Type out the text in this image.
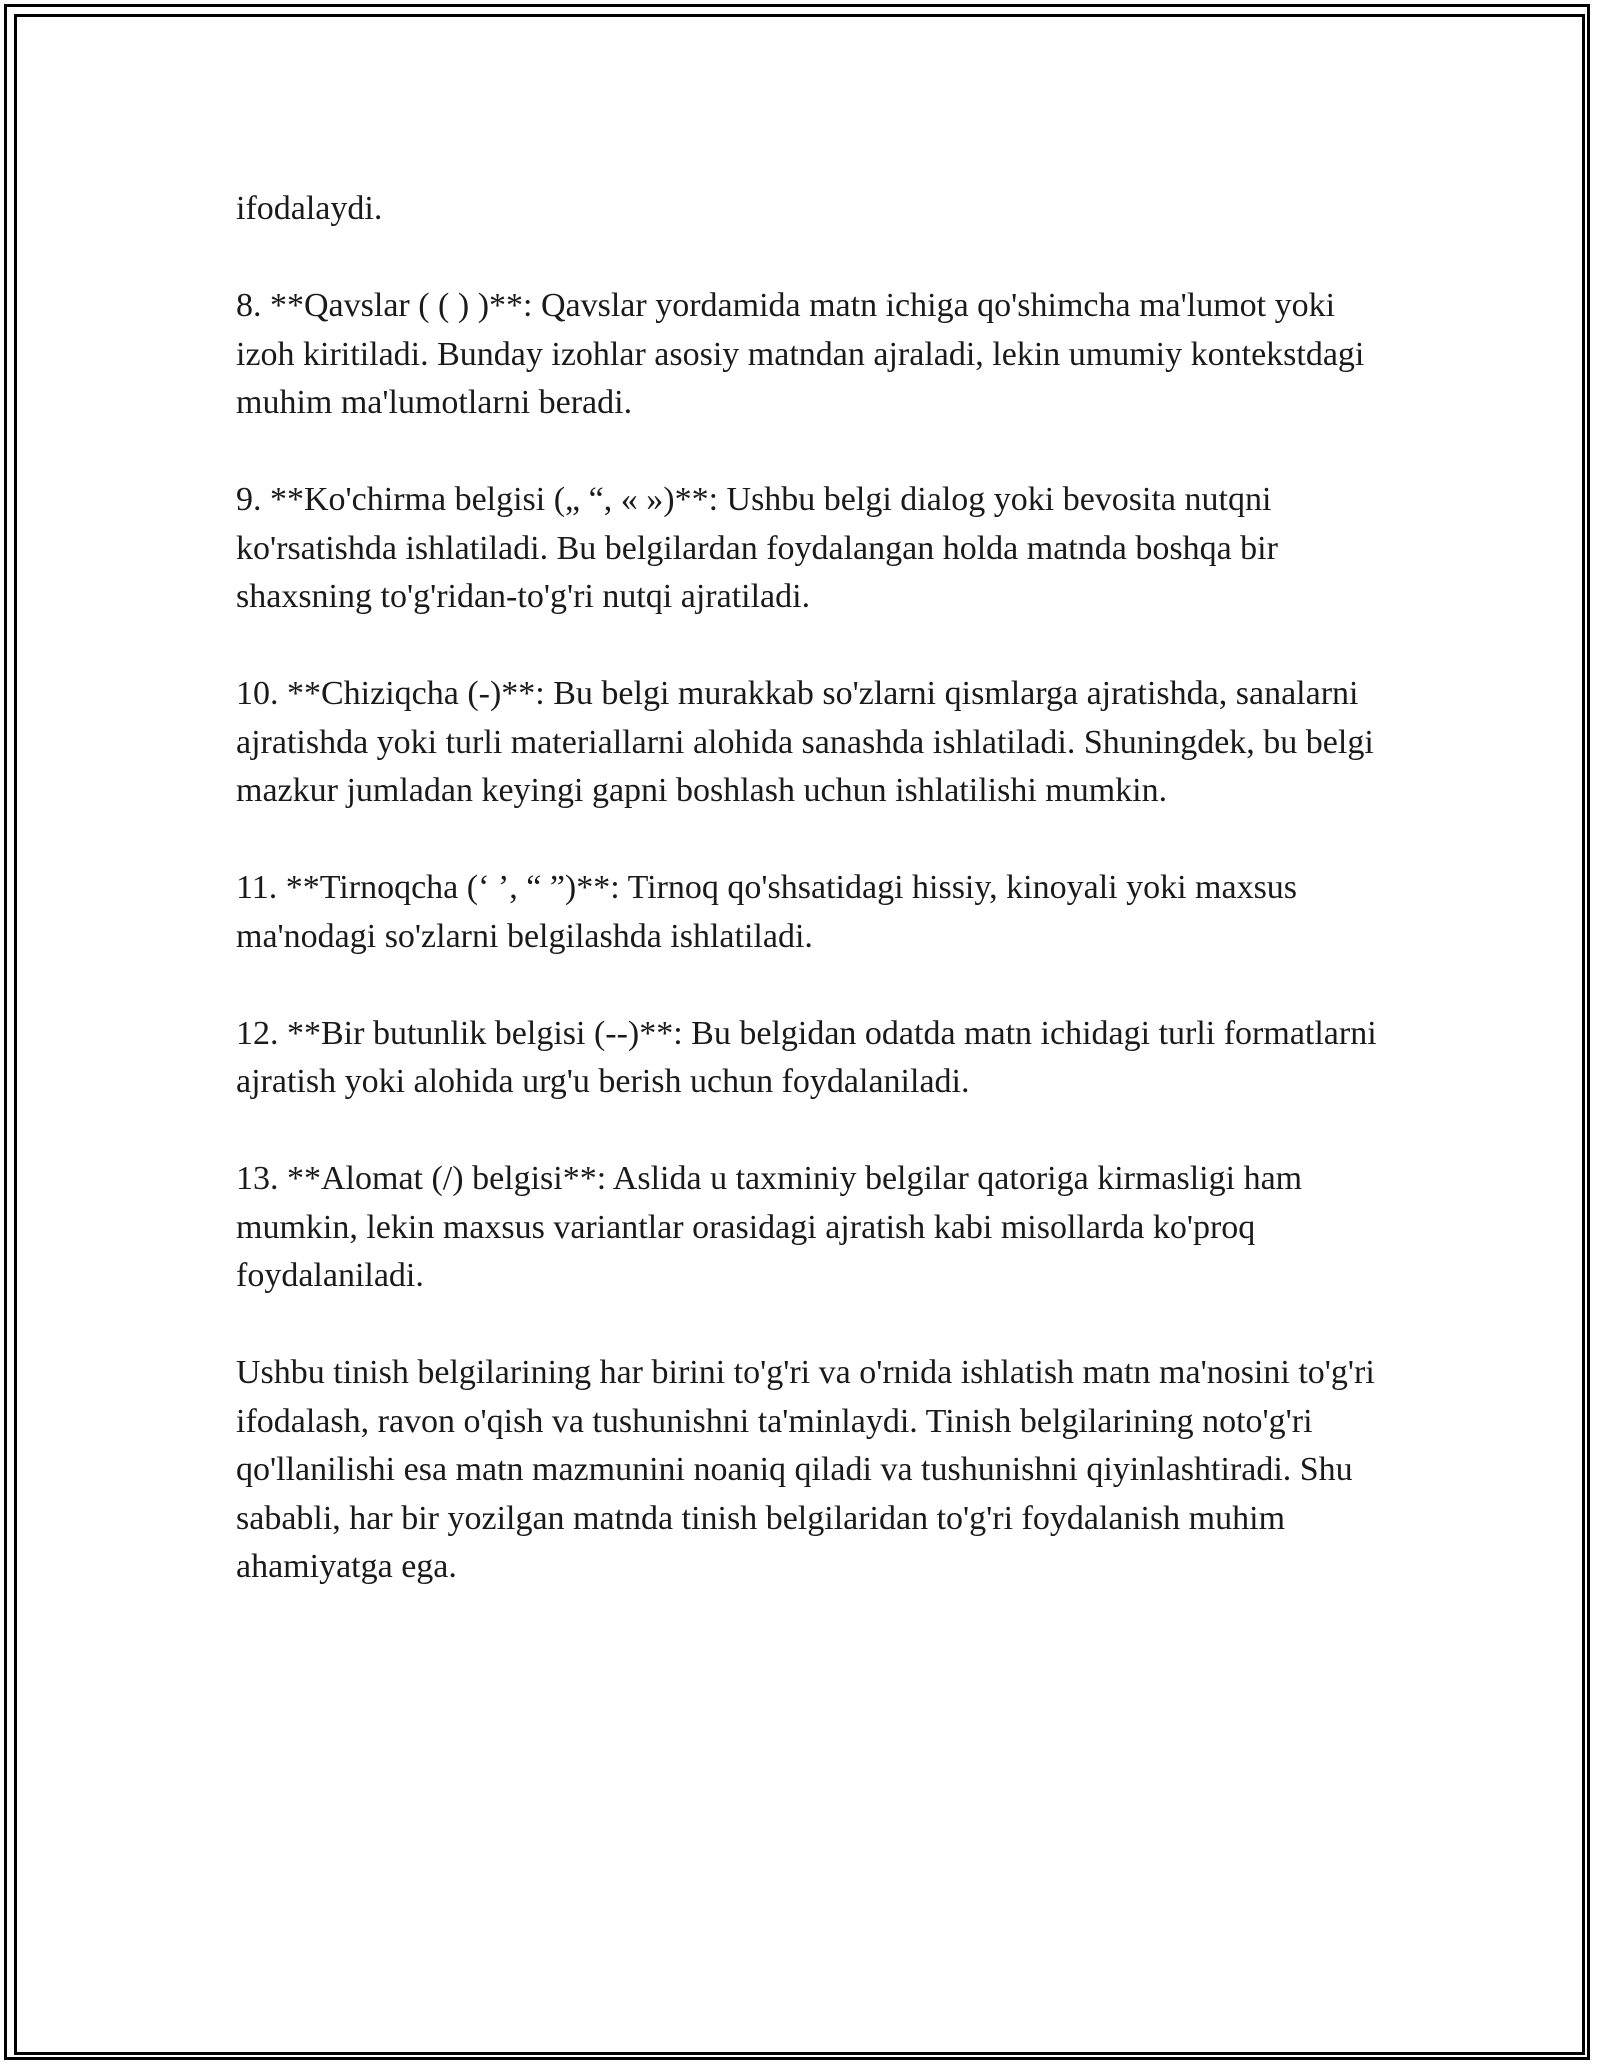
ifodalaydi.

8. **Qavslar ( ( ) )**: Qavslar yordamida matn ichiga qo'shimcha ma'lumot yoki izoh kiritiladi. Bunday izohlar asosiy matndan ajraladi, lekin umumiy kontekstdagi muhim ma'lumotlarni beradi.

9. **Ko'chirma belgisi („ “, « »)**: Ushbu belgi dialog yoki bevosita nutqni ko'rsatishda ishlatiladi. Bu belgilardan foydalangan holda matnda boshqa bir shaxsning to'g'ridan-to'g'ri nutqi ajratiladi.

10. **Chiziqcha (-)**: Bu belgi murakkab so'zlarni qismlarga ajratishda, sanalarni ajratishda yoki turli materiallarni alohida sanashda ishlatiladi. Shuningdek, bu belgi mazkur jumladan keyingi gapni boshlash uchun ishlatilishi mumkin.

11. **Tirnoqcha (‘ ’, “ ”)**: Tirnoq qo'shsatidagi hissiy, kinoyali yoki maxsus ma'nodagi so'zlarni belgilashda ishlatiladi.

12. **Bir butunlik belgisi (--)**: Bu belgidan odatda matn ichidagi turli formatlarni ajratish yoki alohida urg'u berish uchun foydalaniladi.

13. **Alomat (/) belgisi**: Aslida u taxminiy belgilar qatoriga kirmasligi ham mumkin, lekin maxsus variantlar orasidagi ajratish kabi misollarda ko'proq foydalaniladi.

Ushbu tinish belgilarining har birini to'g'ri va o'rnida ishlatish matn ma'nosini to'g'ri ifodalash, ravon o'qish va tushunishni ta'minlaydi. Tinish belgilarining noto'g'ri qo'llanilishi esa matn mazmunini noaniq qiladi va tushunishni qiyinlashtiradi. Shu sababli, har bir yozilgan matnda tinish belgilaridan to'g'ri foydalanish muhim ahamiyatga ega.
